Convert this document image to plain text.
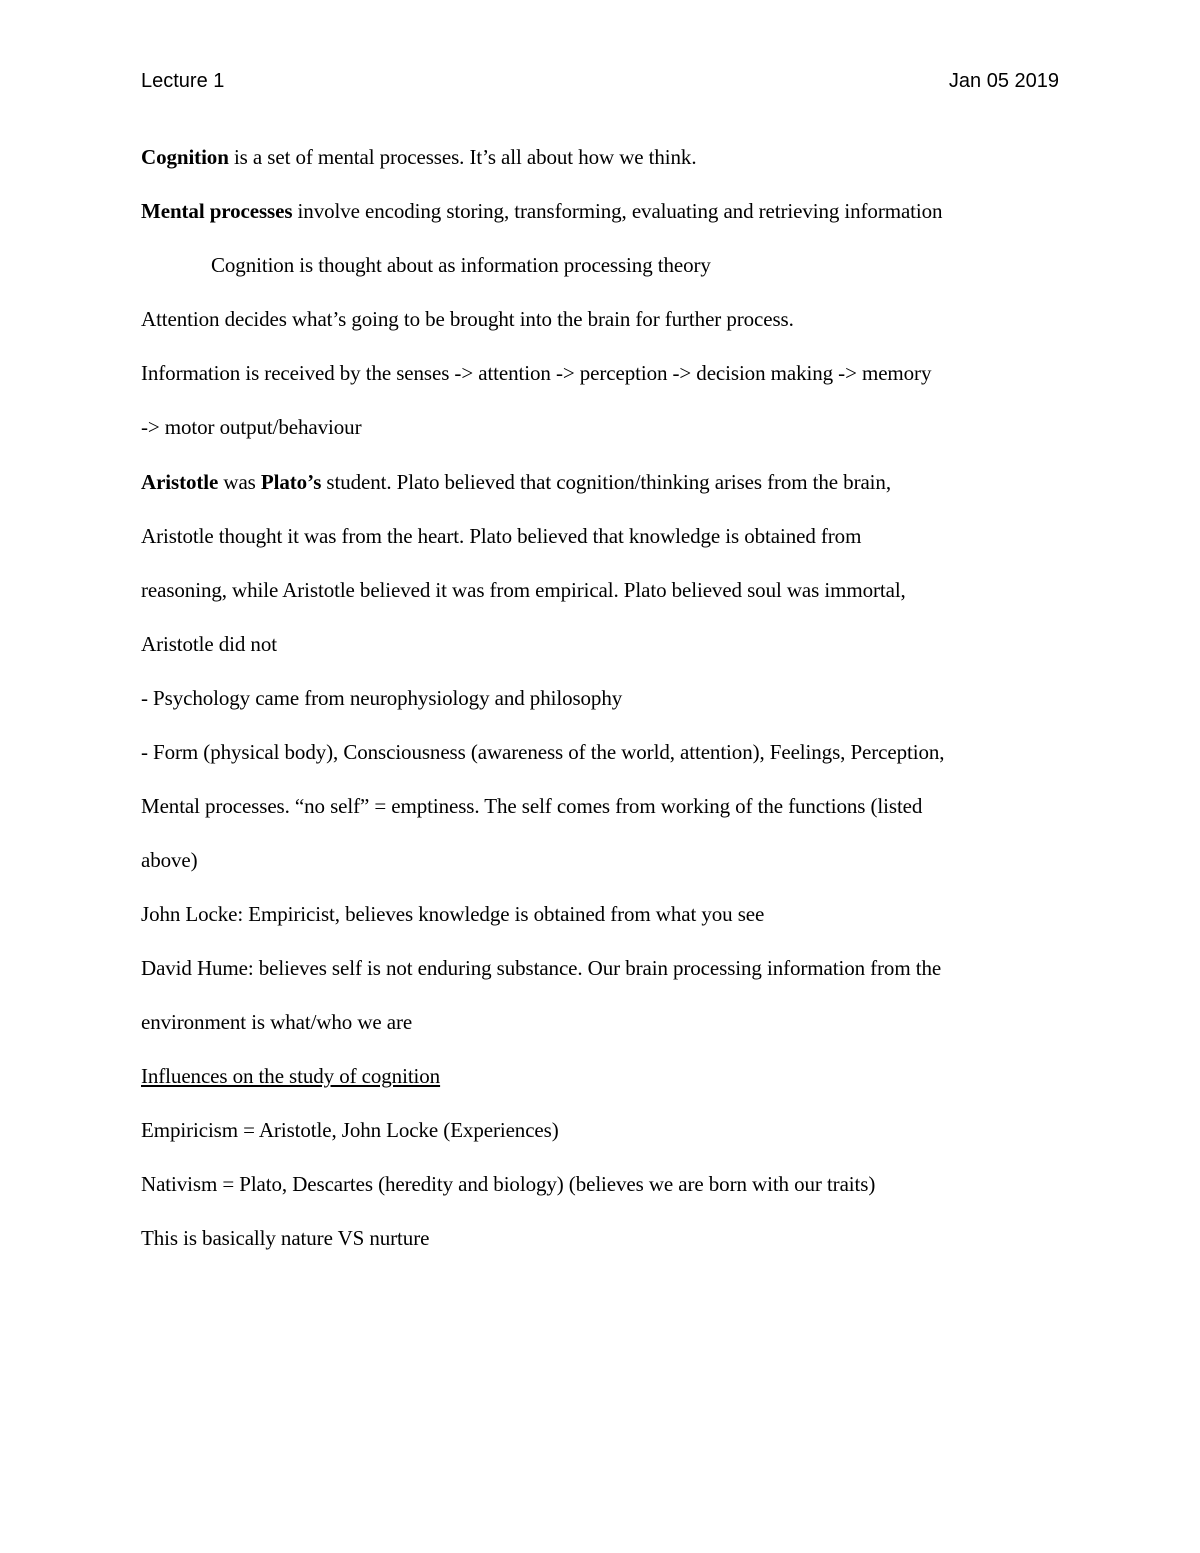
Lecture 1	Jan 05 2019
Cognition is a set of mental processes. It’s all about how we think.
Mental processes involve encoding storing, transforming, evaluating and retrieving information
Cognition is thought about as information processing theory
Attention decides what’s going to be brought into the brain for further process.
Information is received by the senses -> attention -> perception -> decision making -> memory
-> motor output/behaviour
Aristotle was Plato’s student. Plato believed that cognition/thinking arises from the brain,
Aristotle thought it was from the heart. Plato believed that knowledge is obtained from
reasoning, while Aristotle believed it was from empirical. Plato believed soul was immortal,
Aristotle did not
- Psychology came from neurophysiology and philosophy
- Form (physical body), Consciousness (awareness of the world, attention), Feelings, Perception,
Mental processes. “no self” = emptiness. The self comes from working of the functions (listed
above)
John Locke: Empiricist, believes knowledge is obtained from what you see
David Hume: believes self is not enduring substance. Our brain processing information from the
environment is what/who we are
Influences on the study of cognition
Empiricism = Aristotle, John Locke (Experiences)
Nativism = Plato, Descartes (heredity and biology) (believes we are born with our traits)
This is basically nature VS nurture
